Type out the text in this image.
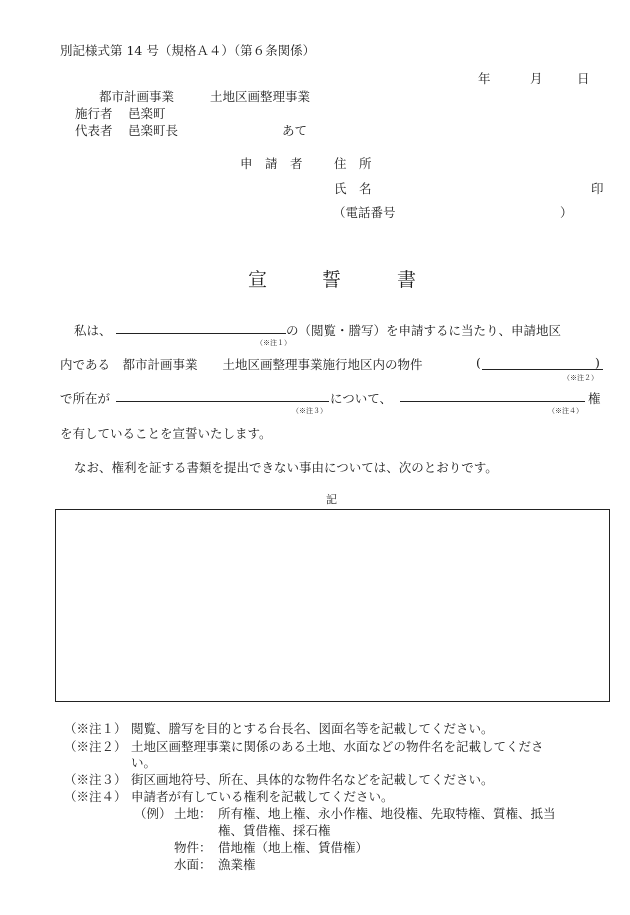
別記様式第 14 号（規格Ａ４）（第６条関係）
年	月	日
都市計画事業	土地区画整理事業
施行者 邑楽町
代表者 邑楽町長	あて
申　請　者	住　所
氏　名	印
（電話番号	）
宣	誓	書
私は、
（※注１）
の（閲覧・謄写）を申請するに当たり、申請地区
内である　都市計画事業　　土地区画整理事業施行地区内の物件	(	)
（※注２）
で所在が
（※注３）
について、
（※注４）
権
を有していることを宣誓いたします。
なお、権利を証する書類を提出できない事由については、次のとおりです。
記
（※注１） 閲覧、謄写を目的とする台長名、図面名等を記載してください。
（※注２） 土地区画整理事業に関係のある土地、水面などの物件名を記載してくださ
い。
（※注３） 街区画地符号、所在、具体的な物件名などを記載してください。
（※注４） 申請者が有している権利を記載してください。
（例） 土地： 所有権、地上権、永小作権、地役権、先取特権、質権、抵当
権、賃借権、採石権
物件： 借地権（地上権、賃借権）
水面： 漁業権
